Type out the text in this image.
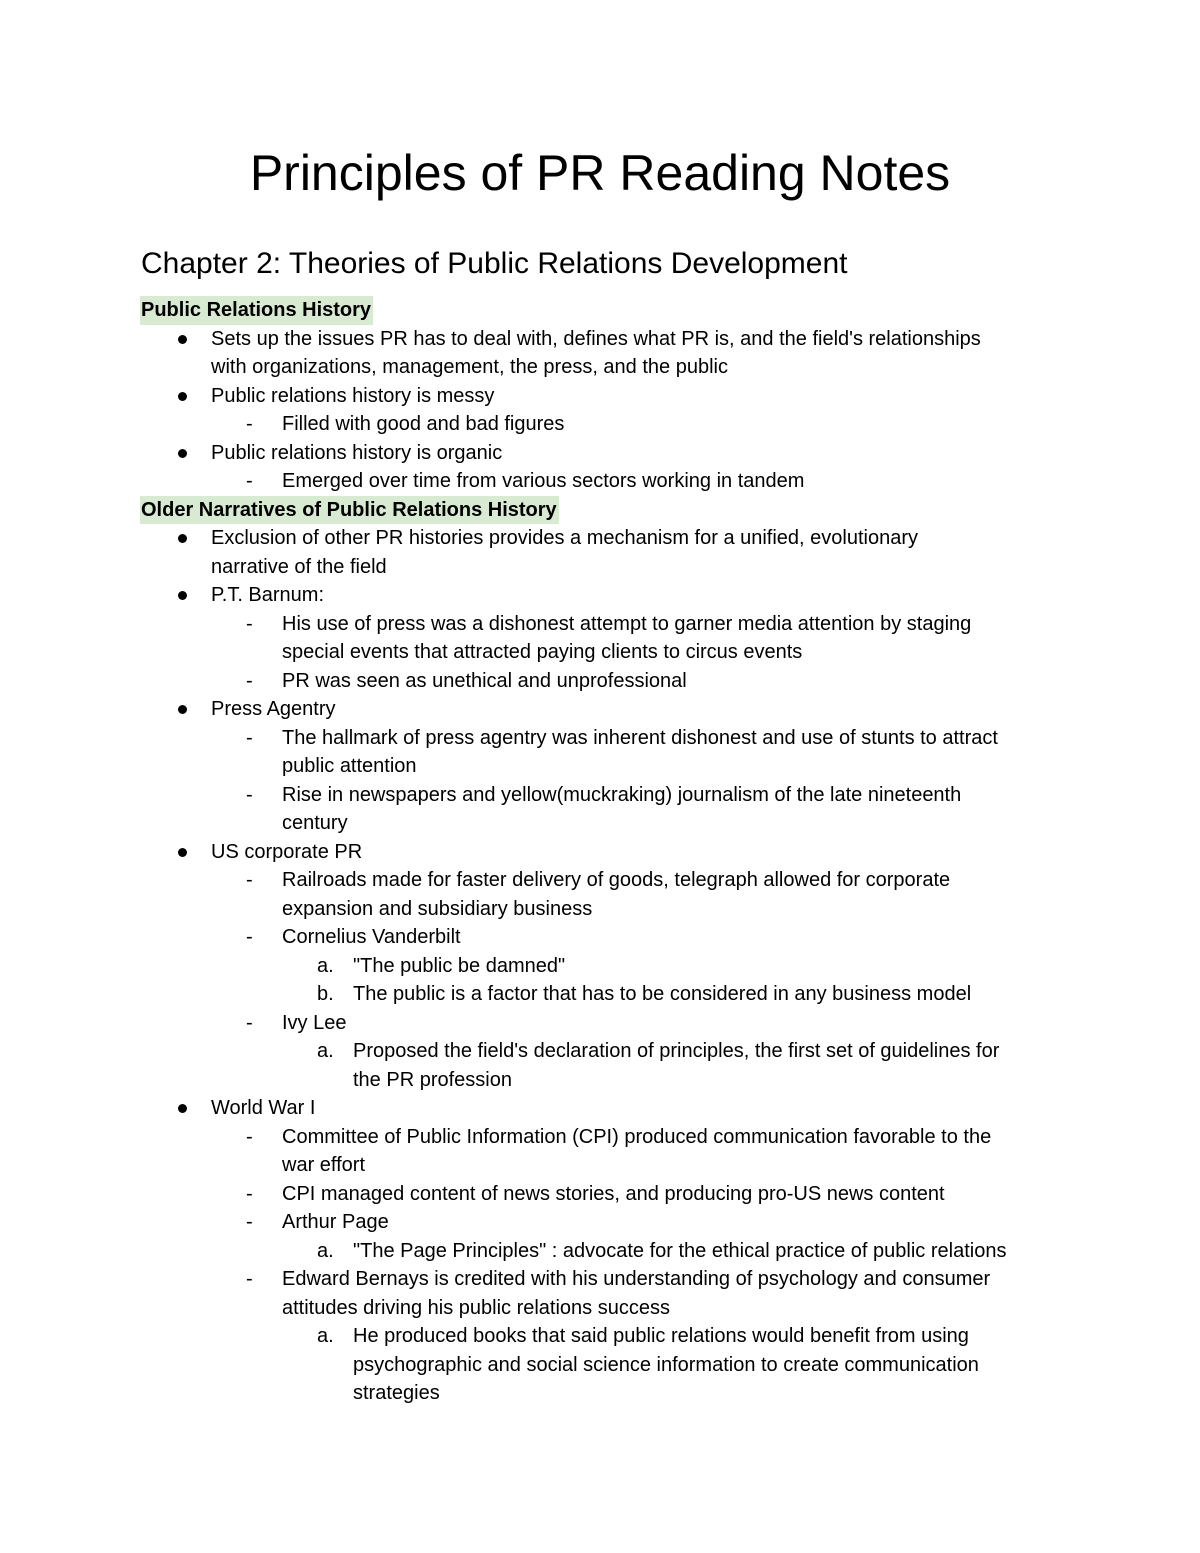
Principles of PR Reading Notes
Chapter 2: Theories of Public Relations Development
Public Relations History
Sets up the issues PR has to deal with, defines what PR is, and the field's relationships
with organizations, management, the press, and the public
Public relations history is messy
- Filled with good and bad figures
Public relations history is organic
- Emerged over time from various sectors working in tandem
Older Narratives of Public Relations History
Exclusion of other PR histories provides a mechanism for a unified, evolutionary
narrative of the field
P.T. Barnum:
- His use of press was a dishonest attempt to garner media attention by staging
special events that attracted paying clients to circus events
- PR was seen as unethical and unprofessional
Press Agentry
- The hallmark of press agentry was inherent dishonest and use of stunts to attract
public attention
- Rise in newspapers and yellow(muckraking) journalism of the late nineteenth
century
US corporate PR
- Railroads made for faster delivery of goods, telegraph allowed for corporate
expansion and subsidiary business
- Cornelius Vanderbilt
a. "The public be damned"
b. The public is a factor that has to be considered in any business model
- Ivy Lee
a. Proposed the field's declaration of principles, the first set of guidelines for
the PR profession
World War I
- Committee of Public Information (CPI) produced communication favorable to the
war effort
- CPI managed content of news stories, and producing pro-US news content
- Arthur Page
a. "The Page Principles" : advocate for the ethical practice of public relations
- Edward Bernays is credited with his understanding of psychology and consumer
attitudes driving his public relations success
a. He produced books that said public relations would benefit from using
psychographic and social science information to create communication
strategies
